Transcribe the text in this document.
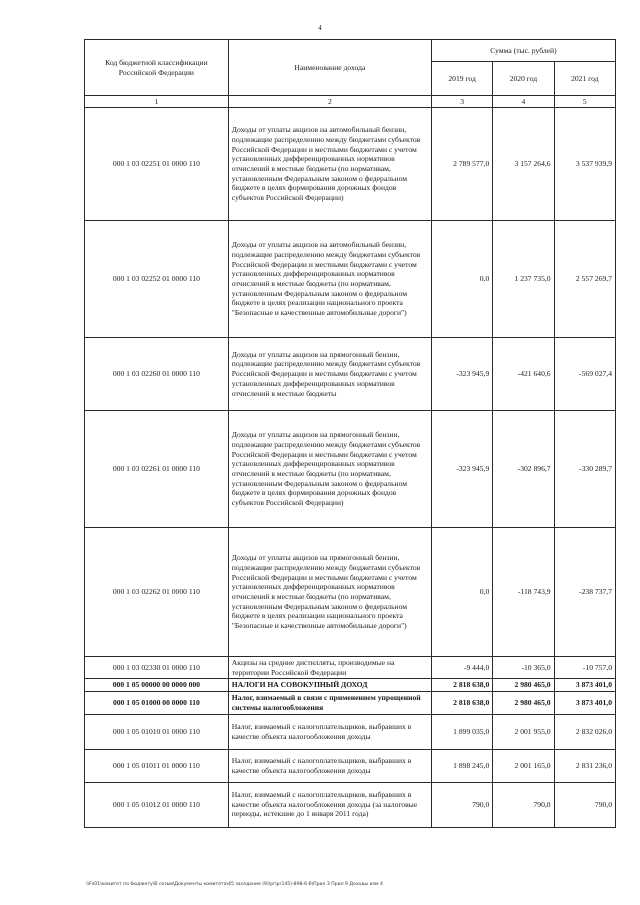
4
Код бюджетной классификации Российской Федерации	Наименование дохода	Сумма (тыс. рублей)		
		2019 год	2020 год	2021 год
1	2	3	4	5
000 1 03 02251 01 0000 110	Доходы от уплаты акцизов на автомобильный бензин, подлежащие распределению между бюджетами субъектов Российской Федерации и местными бюджетами с учетом установленных дифференцированных нормативов отчислений в местные бюджеты (по нормативам, установленным Федеральным законом о федеральном бюджете в целях формирования дорожных фондов субъектов Российской Федерации)	2 789 577,0	3 157 264,6	3 537 939,9
000 1 03 02252 01 0000 110	Доходы от уплаты акцизов на автомобильный бензин, подлежащие распределению между бюджетами субъектов Российской Федерации и местными бюджетами с учетом установленных дифференцированных нормативов отчислений в местные бюджеты (по нормативам, установленным Федеральным законом о федеральном бюджете в целях реализации национального проекта "Безопасные и качественные автомобильные дороги")	0,0	1 237 735,0	2 557 269,7
000 1 03 02260 01 0000 110	Доходы от уплаты акцизов на прямогонный бензин, подлежащие распределению между бюджетами субъектов Российской Федерации и местными бюджетами с учетом установленных дифференцированных нормативов отчислений в местные бюджеты	-323 945,9	-421 640,6	-569 027,4
000 1 03 02261 01 0000 110	Доходы от уплаты акцизов на прямогонный бензин, подлежащие распределению между бюджетами субъектов Российской Федерации и местными бюджетами с учетом установленных дифференцированных нормативов отчислений в местные бюджеты (по нормативам, установленным Федеральным законом о федеральном бюджете в целях формирования дорожных фондов субъектов Российской Федерации)	-323 945,9	-302 896,7	-330 289,7
000 1 03 02262 01 0000 110	Доходы от уплаты акцизов на прямогонный бензин, подлежащие распределению между бюджетами субъектов Российской Федерации и местными бюджетами с учетом установленных дифференцированных нормативов отчислений в местные бюджеты (по нормативам, установленным Федеральным законом о федеральном бюджете в целях реализации национального проекта "Безопасные и качественные автомобильные дороги")	0,0	-118 743,9	-238 737,7
000 1 03 02330 01 0000 110	Акцизы на средние дистилляты, производимые на территории Российской Федерации	-9 444,0	-10 365,0	-10 757,0
000 1 05 00000 00 0000 000	НАЛОГИ НА СОВОКУПНЫЙ ДОХОД	2 818 638,0	2 980 465,0	3 873 401,0
000 1 05 01000 00 0000 110	Налог, взимаемый в связи с применением упрощенной системы налогообложения	2 818 638,0	2 980 465,0	3 873 401,0
000 1 05 01010 01 0000 110	Налог, взимаемый с налогоплательщиков, выбравших в качестве объекта налогообложения доходы	1 899 035,0	2 001 955,0	2 832 026,0
000 1 05 01011 01 0000 110	Налог, взимаемый с налогоплательщиков, выбравших в качестве объекта налогообложения доходы	1 898 245,0	2 001 165,0	2 831 236,0
000 1 05 01012 01 0000 110	Налог, взимаемый с налогоплательщиков, выбравших в качестве объекта налогообложения доходы (за налоговые периоды, истекшие до 1 января 2011 года)	790,0	790,0	790,0
\\Fs01\комитет по бюджету\В созыв\Документы комитета\45 заседание (9)\pr\pr145)-898-6-6\Прил 3 Прил 9 Доходы изм 4
